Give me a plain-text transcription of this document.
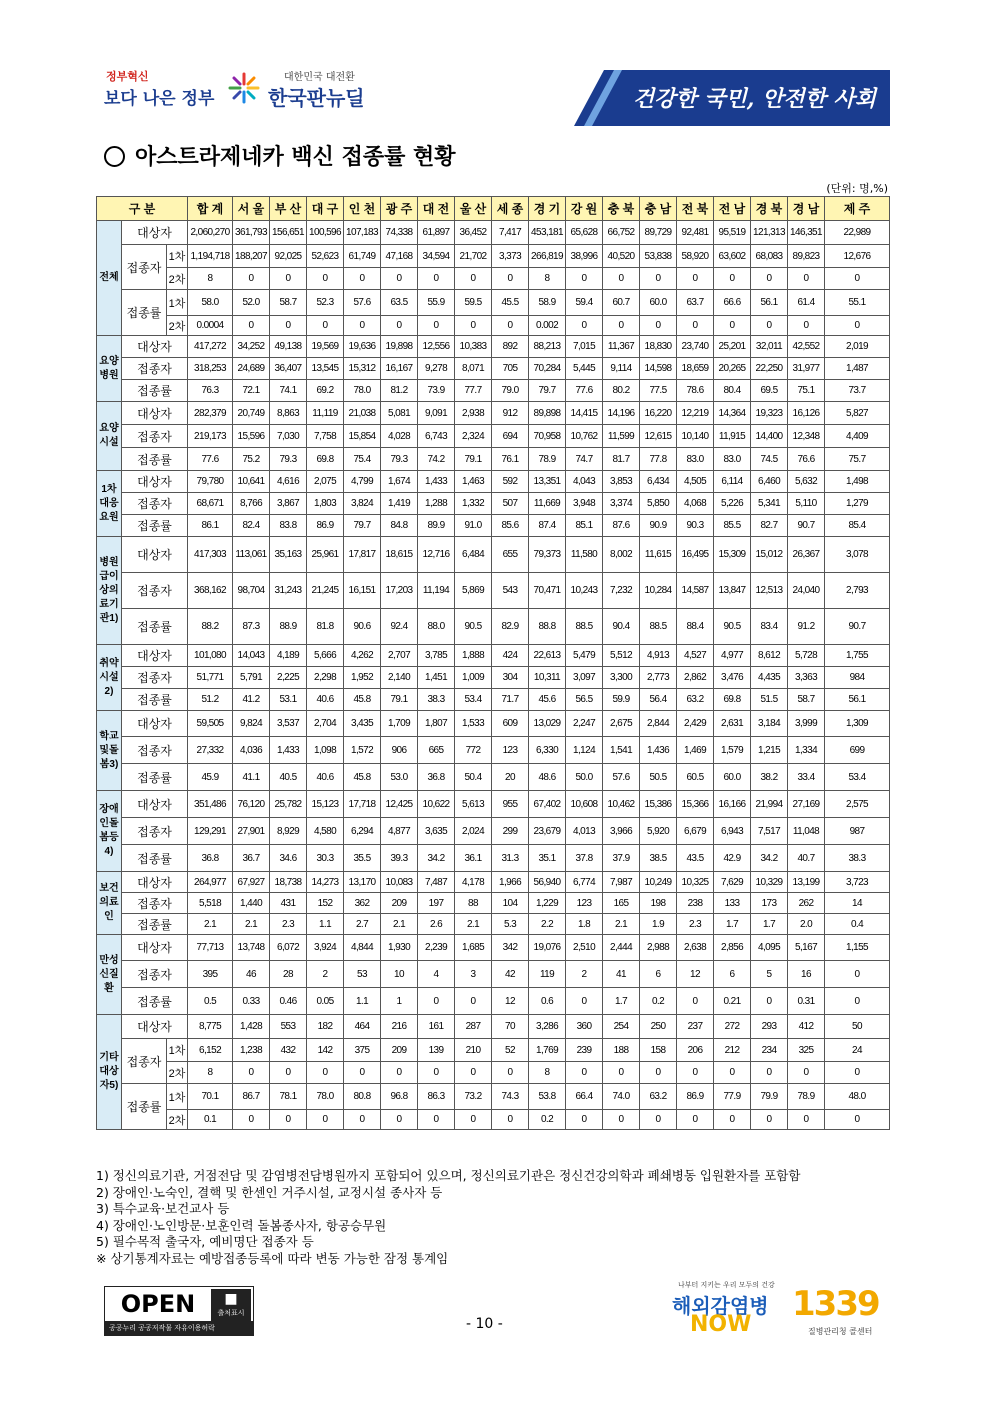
정부혁신
보다 나은 정부
대한민국 대전환
한국판뉴딜	건강한 국민, 안전한 사회
아스트라제네카 백신 접종률 현황
(단위: 명,%)
구 분			합 계	서 울	부 산	대 구	인 천	광 주	대 전	울 산	세 종	경 기	강 원	충 북	충 남	전 북	전 남	경 북	경 남	제 주
전체	대상자		2,060,270	361,793	156,651	100,596	107,183	74,338	61,897	36,452	7,417	453,181	65,628	66,752	89,729	92,481	95,519	121,313	146,351	22,989
	접종자	1차	1,194,718	188,207	92,025	52,623	61,749	47,168	34,594	21,702	3,373	266,819	38,996	40,520	53,838	58,920	63,602	68,083	89,823	12,676
		2차	8	0	0	0	0	0	0	0	0	8	0	0	0	0	0	0	0	0
	접종률	1차	58.0	52.0	58.7	52.3	57.6	63.5	55.9	59.5	45.5	58.9	59.4	60.7	60.0	63.7	66.6	56.1	61.4	55.1
		2차	0.0004	0	0	0	0	0	0	0	0	0.002	0	0	0	0	0	0	0	0
요양병원	대상자		417,272	34,252	49,138	19,569	19,636	19,898	12,556	10,383	892	88,213	7,015	11,367	18,830	23,740	25,201	32,011	42,552	2,019
	접종자		318,253	24,689	36,407	13,545	15,312	16,167	9,278	8,071	705	70,284	5,445	9,114	14,598	18,659	20,265	22,250	31,977	1,487
	접종률		76.3	72.1	74.1	69.2	78.0	81.2	73.9	77.7	79.0	79.7	77.6	80.2	77.5	78.6	80.4	69.5	75.1	73.7
요양시설	대상자		282,379	20,749	8,863	11,119	21,038	5,081	9,091	2,938	912	89,898	14,415	14,196	16,220	12,219	14,364	19,323	16,126	5,827
	접종자		219,173	15,596	7,030	7,758	15,854	4,028	6,743	2,324	694	70,958	10,762	11,599	12,615	10,140	11,915	14,400	12,348	4,409
	접종률		77.6	75.2	79.3	69.8	75.4	79.3	74.2	79.1	76.1	78.9	74.7	81.7	77.8	83.0	83.0	74.5	76.6	75.7
1차대응요원	대상자		79,780	10,641	4,616	2,075	4,799	1,674	1,433	1,463	592	13,351	4,043	3,853	6,434	4,505	6,114	6,460	5,632	1,498
	접종자		68,671	8,766	3,867	1,803	3,824	1,419	1,288	1,332	507	11,669	3,948	3,374	5,850	4,068	5,226	5,341	5,110	1,279
	접종률		86.1	82.4	83.8	86.9	79.7	84.8	89.9	91.0	85.6	87.4	85.1	87.6	90.9	90.3	85.5	82.7	90.7	85.4
병원급이상의료기관1)	대상자		417,303	113,061	35,163	25,961	17,817	18,615	12,716	6,484	655	79,373	11,580	8,002	11,615	16,495	15,309	15,012	26,367	3,078
	접종자		368,162	98,704	31,243	21,245	16,151	17,203	11,194	5,869	543	70,471	10,243	7,232	10,284	14,587	13,847	12,513	24,040	2,793
	접종률		88.2	87.3	88.9	81.8	90.6	92.4	88.0	90.5	82.9	88.8	88.5	90.4	88.5	88.4	90.5	83.4	91.2	90.7
취약시설2)	대상자		101,080	14,043	4,189	5,666	4,262	2,707	3,785	1,888	424	22,613	5,479	5,512	4,913	4,527	4,977	8,612	5,728	1,755
	접종자		51,771	5,791	2,225	2,298	1,952	2,140	1,451	1,009	304	10,311	3,097	3,300	2,773	2,862	3,476	4,435	3,363	984
	접종률		51.2	41.2	53.1	40.6	45.8	79.1	38.3	53.4	71.7	45.6	56.5	59.9	56.4	63.2	69.8	51.5	58.7	56.1
학교및돌봄3)	대상자		59,505	9,824	3,537	2,704	3,435	1,709	1,807	1,533	609	13,029	2,247	2,675	2,844	2,429	2,631	3,184	3,999	1,309
	접종자		27,332	4,036	1,433	1,098	1,572	906	665	772	123	6,330	1,124	1,541	1,436	1,469	1,579	1,215	1,334	699
	접종률		45.9	41.1	40.5	40.6	45.8	53.0	36.8	50.4	20	48.6	50.0	57.6	50.5	60.5	60.0	38.2	33.4	53.4
장애인돌봄등4)	대상자		351,486	76,120	25,782	15,123	17,718	12,425	10,622	5,613	955	67,402	10,608	10,462	15,386	15,366	16,166	21,994	27,169	2,575
	접종자		129,291	27,901	8,929	4,580	6,294	4,877	3,635	2,024	299	23,679	4,013	3,966	5,920	6,679	6,943	7,517	11,048	987
	접종률		36.8	36.7	34.6	30.3	35.5	39.3	34.2	36.1	31.3	35.1	37.8	37.9	38.5	43.5	42.9	34.2	40.7	38.3
보건의료인	대상자		264,977	67,927	18,738	14,273	13,170	10,083	7,487	4,178	1,966	56,940	6,774	7,987	10,249	10,325	7,629	10,329	13,199	3,723
	접종자		5,518	1,440	431	152	362	209	197	88	104	1,229	123	165	198	238	133	173	262	14
	접종률		2.1	2.1	2.3	1.1	2.7	2.1	2.6	2.1	5.3	2.2	1.8	2.1	1.9	2.3	1.7	1.7	2.0	0.4
만성신질환	대상자		77,713	13,748	6,072	3,924	4,844	1,930	2,239	1,685	342	19,076	2,510	2,444	2,988	2,638	2,856	4,095	5,167	1,155
	접종자		395	46	28	2	53	10	4	3	42	119	2	41	6	12	6	5	16	0
	접종률		0.5	0.33	0.46	0.05	1.1	1	0	0	12	0.6	0	1.7	0.2	0	0.21	0	0.31	0
기타대상자5)	대상자		8,775	1,428	553	182	464	216	161	287	70	3,286	360	254	250	237	272	293	412	50
	접종자	1차	6,152	1,238	432	142	375	209	139	210	52	1,769	239	188	158	206	212	234	325	24
		2차	8	0	0	0	0	0	0	0	0	8	0	0	0	0	0	0	0	0
	접종률	1차	70.1	86.7	78.1	78.0	80.8	96.8	86.3	73.2	74.3	53.8	66.4	74.0	63.2	86.9	77.9	79.9	78.9	48.0
		2차	0.1	0	0	0	0	0	0	0	0	0.2	0	0	0	0	0	0	0	0
1) 정신의료기관, 거점전담 및 감염병전담병원까지 포함되어 있으며, 정신의료기관은 정신건강의학과 폐쇄병동 입원환자를 포함함
2) 장애인·노숙인, 결핵 및 한센인 거주시설, 교정시설 종사자 등
3) 특수교육·보건교사 등
4) 장애인·노인방문·보훈인력 돌봄종사자, 항공승무원
5) 필수목적 출국자, 예비명단 접종자 등
※ 상기통계자료는 예방접종등록에 따라 변동 가능한 잠정 통계임
OPEN	■
출처표시
공공누리 공공저작물 자유이용허락	- 10 -
나부터 지키는 우리 모두의 건강
해외감염병
NOW
1339
질병관리청 콜센터
